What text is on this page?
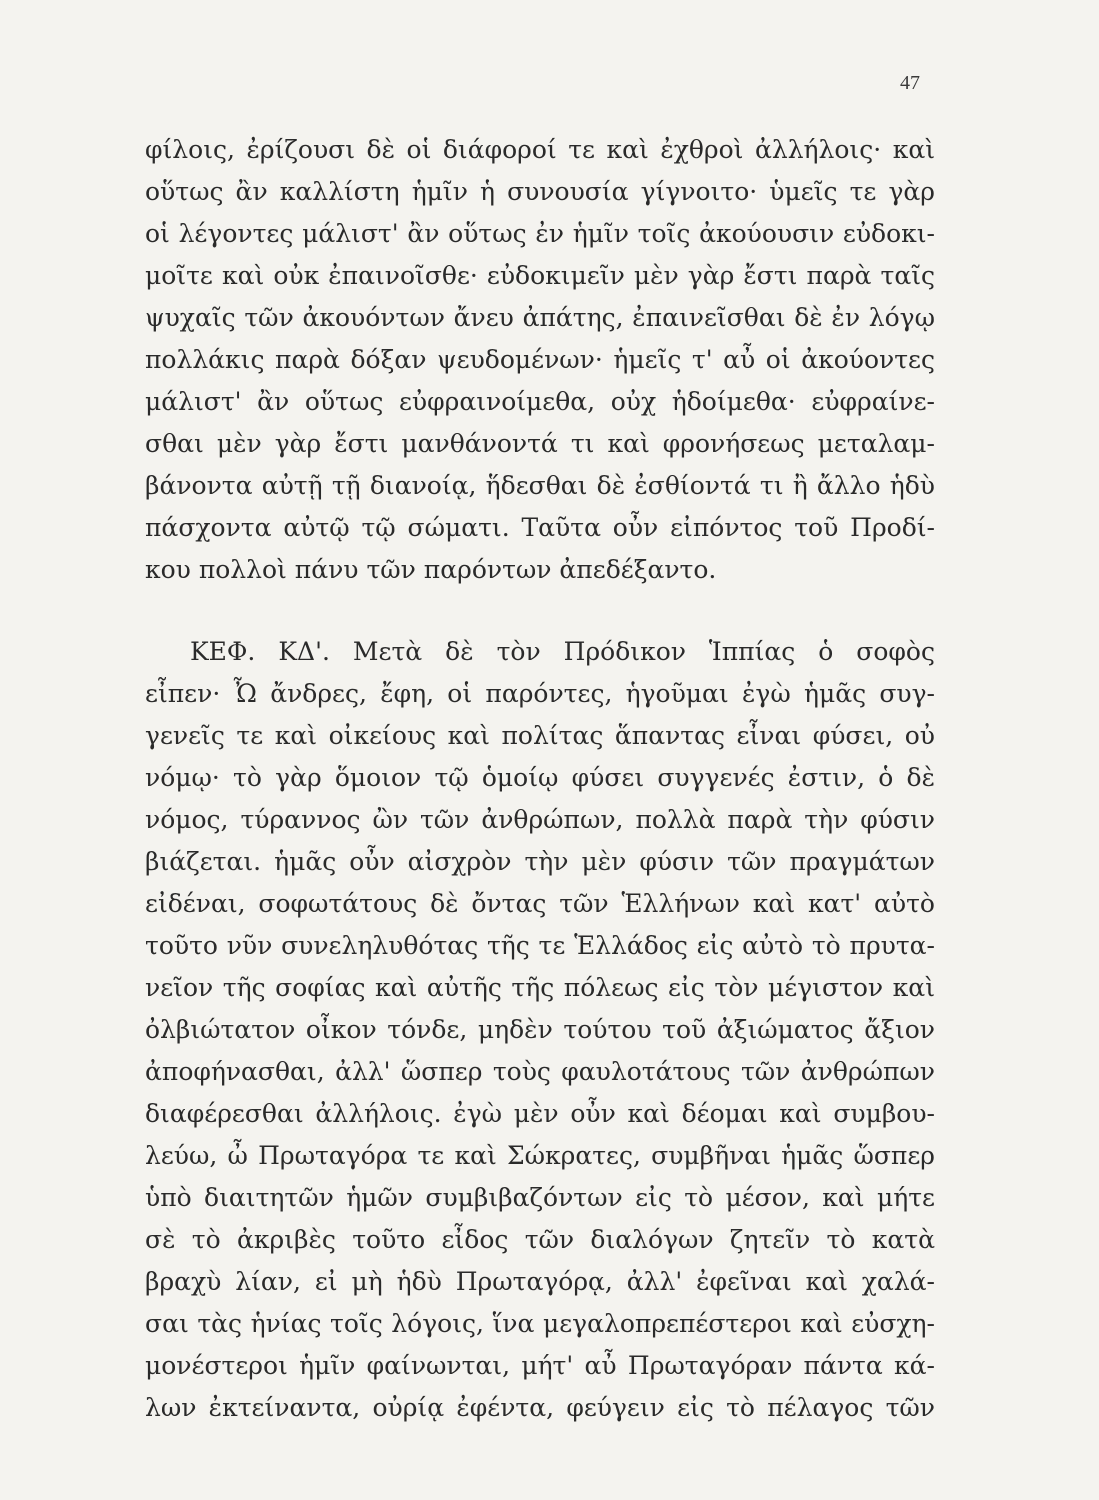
47
φίλοις, ἐρίζουσι δὲ οἱ διάφοροί τε καὶ ἐχθροὶ ἀλλήλοις· καὶ
οὕτως ἂν καλλίστη ἡμῖν ἡ συνουσία γίγνοιτο· ὑμεῖς τε γὰρ
οἱ λέγοντες μάλιστ' ἂν οὕτως ἐν ἡμῖν τοῖς ἀκούουσιν εὐδοκι-
μοῖτε καὶ οὐκ ἐπαινοῖσθε· εὐδοκιμεῖν μὲν γὰρ ἔστι παρὰ ταῖς
ψυχαῖς τῶν ἀκουόντων ἄνευ ἀπάτης, ἐπαινεῖσθαι δὲ ἐν λόγῳ
πολλάκις παρὰ δόξαν ψευδομένων· ἡμεῖς τ' αὖ οἱ ἀκούοντες
μάλιστ' ἂν οὕτως εὐφραινοίμεθα, οὐχ ἡδοίμεθα· εὐφραίνε-
σθαι μὲν γὰρ ἔστι μανθάνοντά τι καὶ φρονήσεως μεταλαμ-
βάνοντα αὐτῇ τῇ διανοίᾳ, ἥδεσθαι δὲ ἐσθίοντά τι ἢ ἄλλο ἡδὺ
πάσχοντα αὐτῷ τῷ σώματι. Ταῦτα οὖν εἰπόντος τοῦ Προδί-
κου πολλοὶ πάνυ τῶν παρόντων ἀπεδέξαντο.
ΚΕΦ. ΚΔ'. Μετὰ δὲ τὸν Πρόδικον Ἱππίας ὁ σοφὸς
εἶπεν· Ὦ ἄνδρες, ἔφη, οἱ παρόντες, ἡγοῦμαι ἐγὼ ἡμᾶς συγ-
γενεῖς τε καὶ οἰκείους καὶ πολίτας ἅπαντας εἶναι φύσει, οὐ
νόμῳ· τὸ γὰρ ὅμοιον τῷ ὁμοίῳ φύσει συγγενές ἐστιν, ὁ δὲ
νόμος, τύραννος ὢν τῶν ἀνθρώπων, πολλὰ παρὰ τὴν φύσιν
βιάζεται. ἡμᾶς οὖν αἰσχρὸν τὴν μὲν φύσιν τῶν πραγμάτων
εἰδέναι, σοφωτάτους δὲ ὄντας τῶν Ἑλλήνων καὶ κατ' αὐτὸ
τοῦτο νῦν συνεληλυθότας τῆς τε Ἑλλάδος εἰς αὐτὸ τὸ πρυτα-
νεῖον τῆς σοφίας καὶ αὐτῆς τῆς πόλεως εἰς τὸν μέγιστον καὶ
ὀλβιώτατον οἶκον τόνδε, μηδὲν τούτου τοῦ ἀξιώματος ἄξιον
ἀποφήνασθαι, ἀλλ' ὥσπερ τοὺς φαυλοτάτους τῶν ἀνθρώπων
διαφέρεσθαι ἀλλήλοις. ἐγὼ μὲν οὖν καὶ δέομαι καὶ συμβου-
λεύω, ὦ Πρωταγόρα τε καὶ Σώκρατες, συμβῆναι ἡμᾶς ὥσπερ
ὑπὸ διαιτητῶν ἡμῶν συμβιβαζόντων εἰς τὸ μέσον, καὶ μήτε
σὲ τὸ ἀκριβὲς τοῦτο εἶδος τῶν διαλόγων ζητεῖν τὸ κατὰ
βραχὺ λίαν, εἰ μὴ ἡδὺ Πρωταγόρᾳ, ἀλλ' ἐφεῖναι καὶ χαλά-
σαι τὰς ἡνίας τοῖς λόγοις, ἵνα μεγαλοπρεπέστεροι καὶ εὐσχη-
μονέστεροι ἡμῖν φαίνωνται, μήτ' αὖ Πρωταγόραν πάντα κά-
λων ἐκτείναντα, οὐρίᾳ ἐφέντα, φεύγειν εἰς τὸ πέλαγος τῶν
